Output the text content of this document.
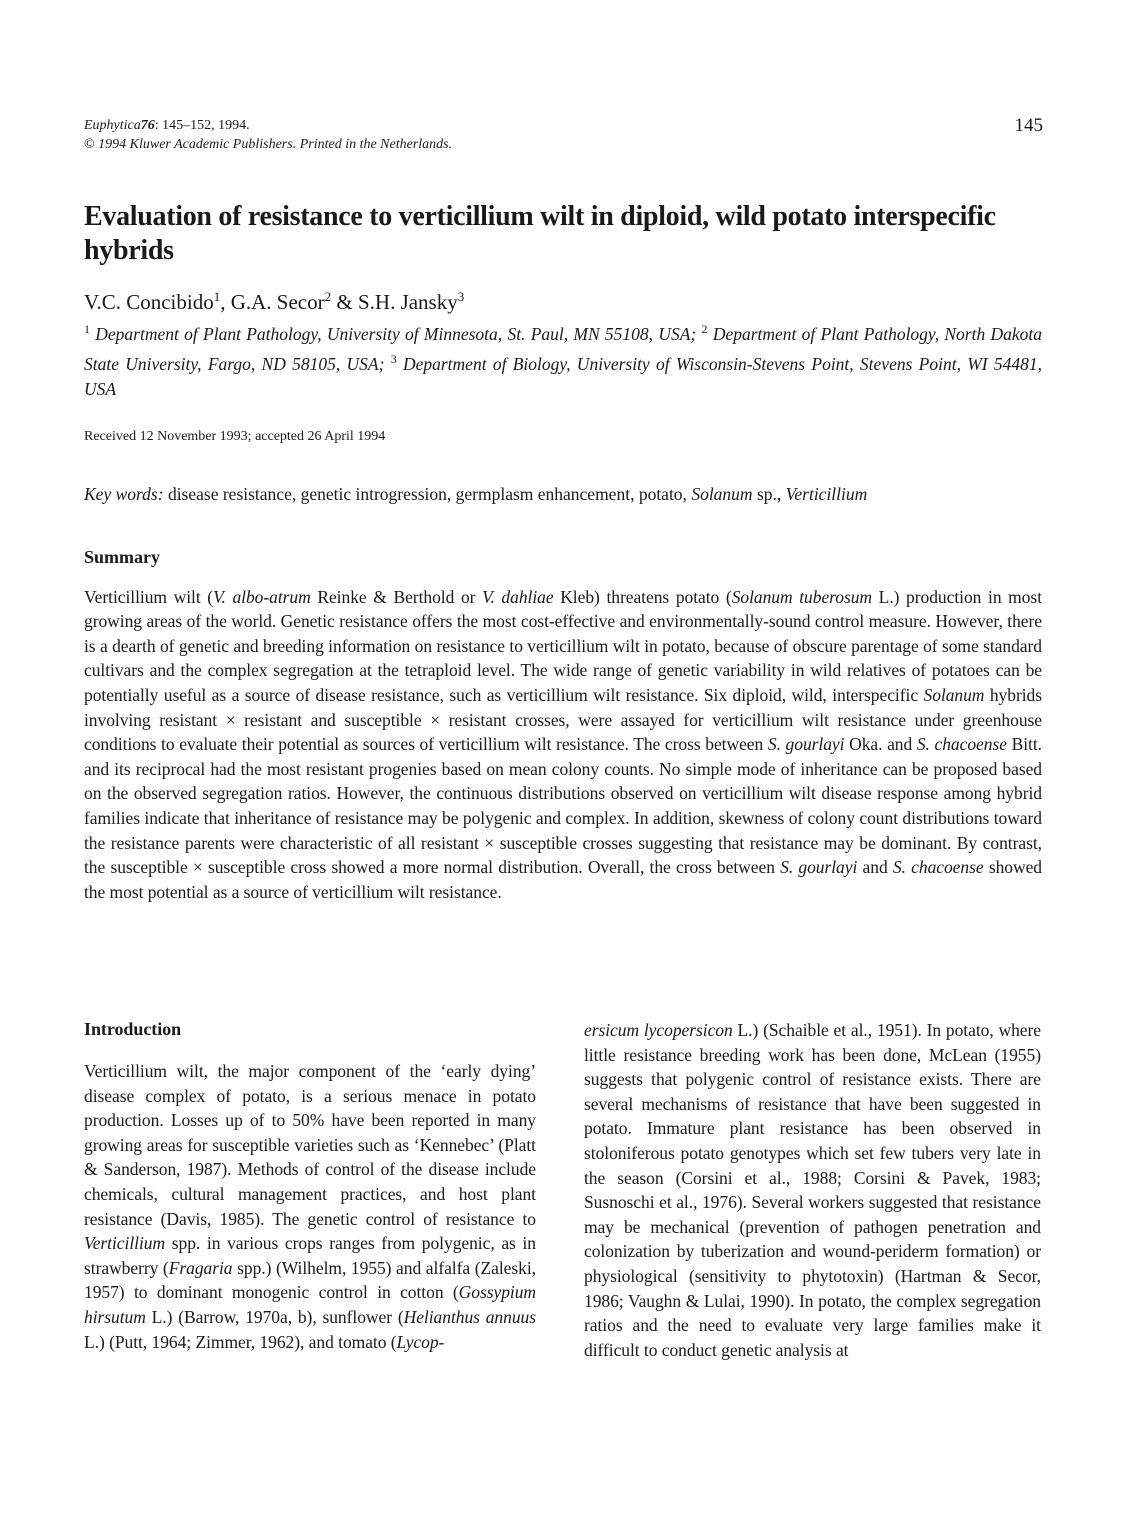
Euphytica76: 145–152, 1994.
© 1994 Kluwer Academic Publishers. Printed in the Netherlands.
145
Evaluation of resistance to verticillium wilt in diploid, wild potato interspecific hybrids
V.C. Concibido$^1$, G.A. Secor$^2$ & S.H. Jansky$^3$
$^1$ Department of Plant Pathology, University of Minnesota, St. Paul, MN 55108, USA; $^2$ Department of Plant Pathology, North Dakota State University, Fargo, ND 58105, USA; $^3$ Department of Biology, University of Wisconsin-Stevens Point, Stevens Point, WI 54481, USA
Received 12 November 1993; accepted 26 April 1994
Key words: disease resistance, genetic introgression, germplasm enhancement, potato, Solanum sp., Verticillium
Summary

Verticillium wilt (V. albo-atrum Reinke & Berthold or V. dahliae Kleb) threatens potato (Solanum tuberosum L.) production in most growing areas of the world. Genetic resistance offers the most cost-effective and environmentally-sound control measure. However, there is a dearth of genetic and breeding information on resistance to verticillium wilt in potato, because of obscure parentage of some standard cultivars and the complex segregation at the tetraploid level. The wide range of genetic variability in wild relatives of potatoes can be potentially useful as a source of disease resistance, such as verticillium wilt resistance. Six diploid, wild, interspecific Solanum hybrids involving resistant × resistant and susceptible × resistant crosses, were assayed for verticillium wilt resistance under greenhouse conditions to evaluate their potential as sources of verticillium wilt resistance. The cross between S. gourlayi Oka. and S. chacoense Bitt. and its reciprocal had the most resistant progenies based on mean colony counts. No simple mode of inheritance can be proposed based on the observed segregation ratios. However, the continuous distributions observed on verticillium wilt disease response among hybrid families indicate that inheritance of resistance may be polygenic and complex. In addition, skewness of colony count distributions toward the resistance parents were characteristic of all resistant × susceptible crosses suggesting that resistance may be dominant. By contrast, the susceptible × susceptible cross showed a more normal distribution. Overall, the cross between S. gourlayi and S. chacoense showed the most potential as a source of verticillium wilt resistance.

Introduction
Verticillium wilt, the major component of the ‘early dying’ disease complex of potato, is a serious menace in potato production. Losses up of to 50% have been reported in many growing areas for susceptible varieties such as ‘Kennebec’ (Platt & Sanderson, 1987). Methods of control of the disease include chemicals, cultural management practices, and host plant resistance (Davis, 1985). The genetic control of resistance to Verticillium spp. in various crops ranges from polygenic, as in strawberry (Fragaria spp.) (Wilhelm, 1955) and alfalfa (Zaleski, 1957) to dominant monogenic control in cotton (Gossypium hirsutum L.) (Barrow, 1970a, b), sunflower (Helianthus annuus L.) (Putt, 1964; Zimmer, 1962), and tomato (Lycop-
ersicum lycopersicon L.) (Schaible et al., 1951). In potato, where little resistance breeding work has been done, McLean (1955) suggests that polygenic control of resistance exists. There are several mechanisms of resistance that have been suggested in potato. Immature plant resistance has been observed in stoloniferous potato genotypes which set few tubers very late in the season (Corsini et al., 1988; Corsini & Pavek, 1983; Susnoschi et al., 1976). Several workers suggested that resistance may be mechanical (prevention of pathogen penetration and colonization by tuberization and wound-periderm formation) or physiological (sensitivity to phytotoxin) (Hartman & Secor, 1986; Vaughn & Lulai, 1990). In potato, the complex segregation ratios and the need to evaluate very large families make it difficult to conduct genetic analysis at
